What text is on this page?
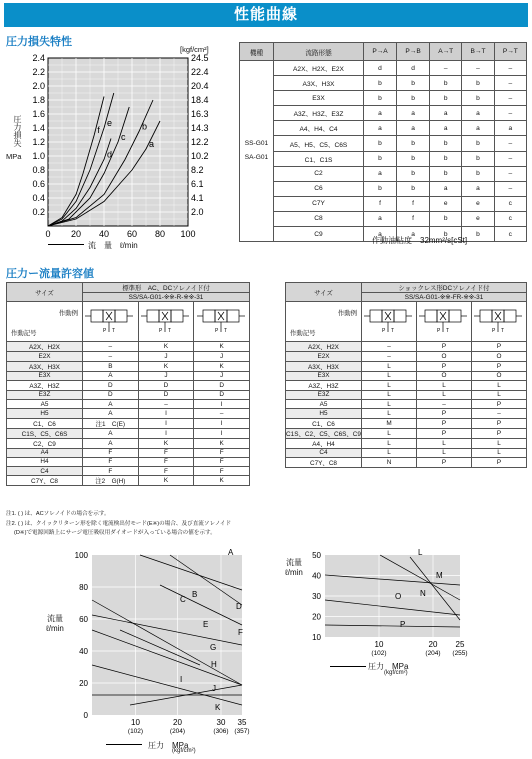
性能曲線
圧力損失特性
a
b
c
d
e
f
2.4
2.2
2.0
1.8
1.6
1.4
1.2
1.0
0.8
0.6
0.4
0.2
24.5
22.4
20.4
18.4
16.3
14.3
12.2
10.2
8.2
6.1
4.1
2.0
0 20 40 60 80 100
圧力損失
MPa
[kgf/cm²]
流　量　ℓ/min
機種	流路形態	P→A	P→B	A→T	B→T	P→T

SS-G01
SA-G01	A2X、H2X、E2X	d	d	–	–	–
	A3X、H3X	b	b	b	b	–
	E3X	b	b	b	b	–
	A3Z、H3Z、E3Z	a	a	a	a	–
	A4、H4、C4	a	a	a	a	a
	A5、H5、C5、C6S	b	b	b	b	–
	C1、C1S	b	b	b	b	–
	C2	a	b	b	b	–
	C6	b	b	a	a	–
	C7Y	f	f	e	e	c
	C8	a	f	b	e	c
	C9	a	a	b	b	c
作動油粘度　32mm²/s[cSt]
圧力ー流量許容値
サイズ	標準形　AC、DCソレノイド付		
	SS/SA-G01-※※-R-※※-31		

作動例
作動記号	P T	P T	P T

A2X、H2X	–	K	K
E2X	–	J	J
A3X、H3X	B	K	K
E3X	A	J	J
A3Z、H3Z	D	D	D
E3Z	D	D	D
A5	A	–	I
H5	A	I	–
C1、C6	注1　C(E)	I	I
C1S、C5、C6S	A	I	I
C2、C9	A	K	K
A4	F	F	F
H4	F	F	F
C4	F	F	F
C7Y、C8	注2　G(H)	K	K
サイズ	ショックレス形DCソレノイド付		
	SS/SA-G01-※※-FR-※※-31		

作動例
作動記号	P T	P T	P T

A2X、H2X	–	P	P
E2X	–	O	O
A3X、H3X	L	P	P
E3X	L	O	O
A3Z、H3Z	L	L	L
E3Z	L	L	L
A5	L	–	P
H5	L	P	–
C1、C6	M	P	P
C1S、C2、C5、C6S、C9	L	P	P
A4、H4	L	L	L
C4	L	L	L
C7Y、C8	N	P	P
注1. ( ) は、ACソレノイドの場合を示す。
注2. ( ) は、クイックリターン形を除く電流検出付モード(E※)の場合、及び直流ソレノイド
(D※)で電源回路上にサージ電圧吸収用ダイオードが入っている場合の値を示す。
100
80
60
40
20
0
10
(102)
20
(204)
30
(306)
35
(357)
A
B
C
D
E
F
G
H
I
J
K
流量
ℓ/min
圧力　MPa
(kgf/cm²)
50
40
30
20
10
10
(102)
20
(204)
25
(255)
L
M
N
O
P
流量
ℓ/min
圧力　MPa
(kgf/cm²)
